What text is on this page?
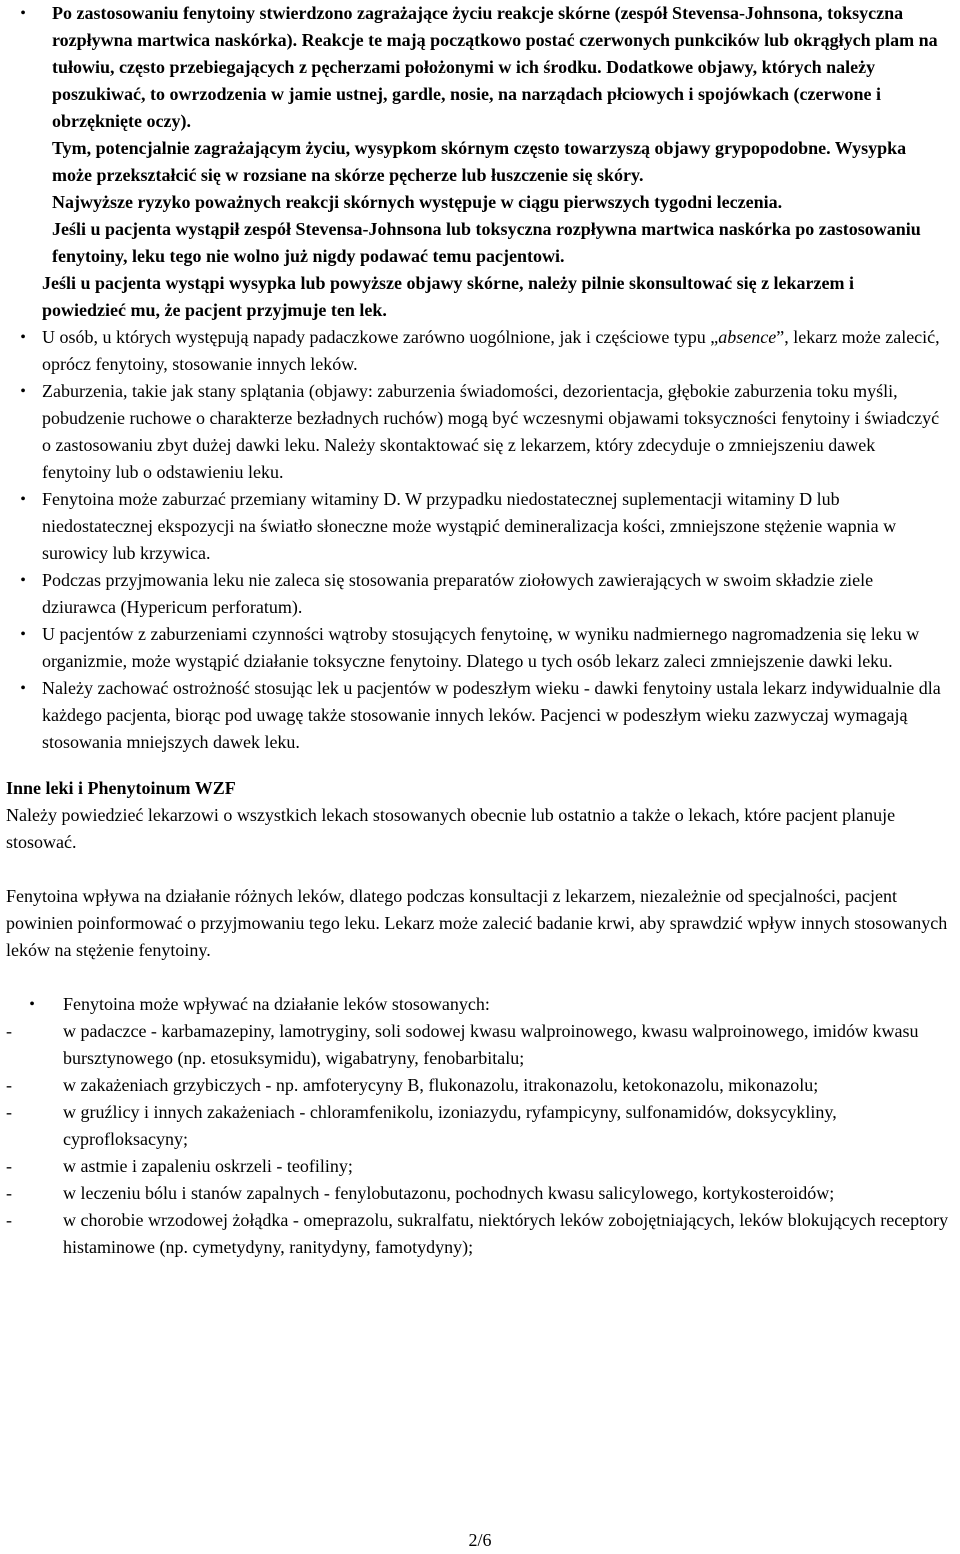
•	Po zastosowaniu fenytoiny stwierdzono zagrażające życiu reakcje skórne (zespół Stevensa-Johnsona, toksyczna rozpływna martwica naskórka). Reakcje te mają początkowo postać czerwonych punkcików lub okrągłych plam na tułowiu, często przebiegających z pęcherzami położonymi w ich środku. Dodatkowe objawy, których należy poszukiwać, to owrzodzenia w jamie ustnej, gardle, nosie, na narządach płciowych i spojówkach (czerwone i obrzęknięte oczy).

Tym, potencjalnie zagrażającym życiu, wysypkom skórnym często towarzyszą objawy grypopodobne. Wysypka może przekształcić się w rozsiane na skórze pęcherze lub łuszczenie się skóry.

Najwyższe ryzyko poważnych reakcji skórnych występuje w ciągu pierwszych tygodni leczenia.

Jeśli u pacjenta wystąpił zespół Stevensa-Johnsona lub toksyczna rozpływna martwica naskórka po zastosowaniu fenytoiny, leku tego nie wolno już nigdy podawać temu pacjentowi.

Jeśli u pacjenta wystąpi wysypka lub powyższe objawy skórne, należy pilnie skonsultować się z lekarzem i powiedzieć mu, że pacjent przyjmuje ten lek.

• U osób, u których występują napady padaczkowe zarówno uogólnione, jak i częściowe typu „absence”, lekarz może zalecić, oprócz fenytoiny, stosowanie innych leków.

• Zaburzenia, takie jak stany splątania (objawy: zaburzenia świadomości, dezorientacja, głębokie zaburzenia toku myśli, pobudzenie ruchowe o charakterze bezładnych ruchów) mogą być wczesnymi objawami toksyczności fenytoiny i świadczyć o zastosowaniu zbyt dużej dawki leku. Należy skontaktować się z lekarzem, który zdecyduje o zmniejszeniu dawek fenytoiny lub o odstawieniu leku.

• Fenytoina może zaburzać przemiany witaminy D. W przypadku niedostatecznej suplementacji witaminy D lub niedostatecznej ekspozycji na światło słoneczne może wystąpić demineralizacja kości, zmniejszone stężenie wapnia w surowicy lub krzywica.

• Podczas przyjmowania leku nie zaleca się stosowania preparatów ziołowych zawierających w swoim składzie ziele dziurawca (Hypericum perforatum).

• U pacjentów z zaburzeniami czynności wątroby stosujących fenytoinę, w wyniku nadmiernego nagromadzenia się leku w organizmie, może wystąpić działanie toksyczne fenytoiny. Dlatego u tych osób lekarz zaleci zmniejszenie dawki leku.

• Należy zachować ostrożność stosując lek u pacjentów w podeszłym wieku - dawki fenytoiny ustala lekarz indywidualnie dla każdego pacjenta, biorąc pod uwagę także stosowanie innych leków. Pacjenci w podeszłym wieku zazwyczaj wymagają stosowania mniejszych dawek leku.

Inne leki i Phenytoinum WZF

Należy powiedzieć lekarzowi o wszystkich lekach stosowanych obecnie lub ostatnio a także o lekach, które pacjent planuje stosować.

Fenytoina wpływa na działanie różnych leków, dlatego podczas konsultacji z lekarzem, niezależnie od specjalności, pacjent powinien poinformować o przyjmowaniu tego leku. Lekarz może zalecić badanie krwi, aby sprawdzić wpływ innych stosowanych leków na stężenie fenytoiny.

•	Fenytoina może wpływać na działanie leków stosowanych:

-	w padaczce - karbamazepiny, lamotryginy, soli sodowej kwasu walproinowego, kwasu walproinowego, imidów kwasu bursztynowego (np. etosuksymidu), wigabatryny, fenobarbitalu;

-	w zakażeniach grzybiczych - np. amfoterycyny B, flukonazolu, itrakonazolu, ketokonazolu, mikonazolu;

-	w gruźlicy i innych zakażeniach - chloramfenikolu, izoniazydu, ryfampicyny, sulfonamidów, doksycykliny, cyprofloksacyny;

-	w astmie i zapaleniu oskrzeli - teofiliny;

-	w leczeniu bólu i stanów zapalnych - fenylobutazonu, pochodnych kwasu salicylowego, kortykosteroidów;

-	w chorobie wrzodowej żołądka - omeprazolu, sukralfatu, niektórych leków zobojętniających, leków blokujących receptory histaminowe (np. cymetydyny, ranitydyny, famotydyny);

2/6
